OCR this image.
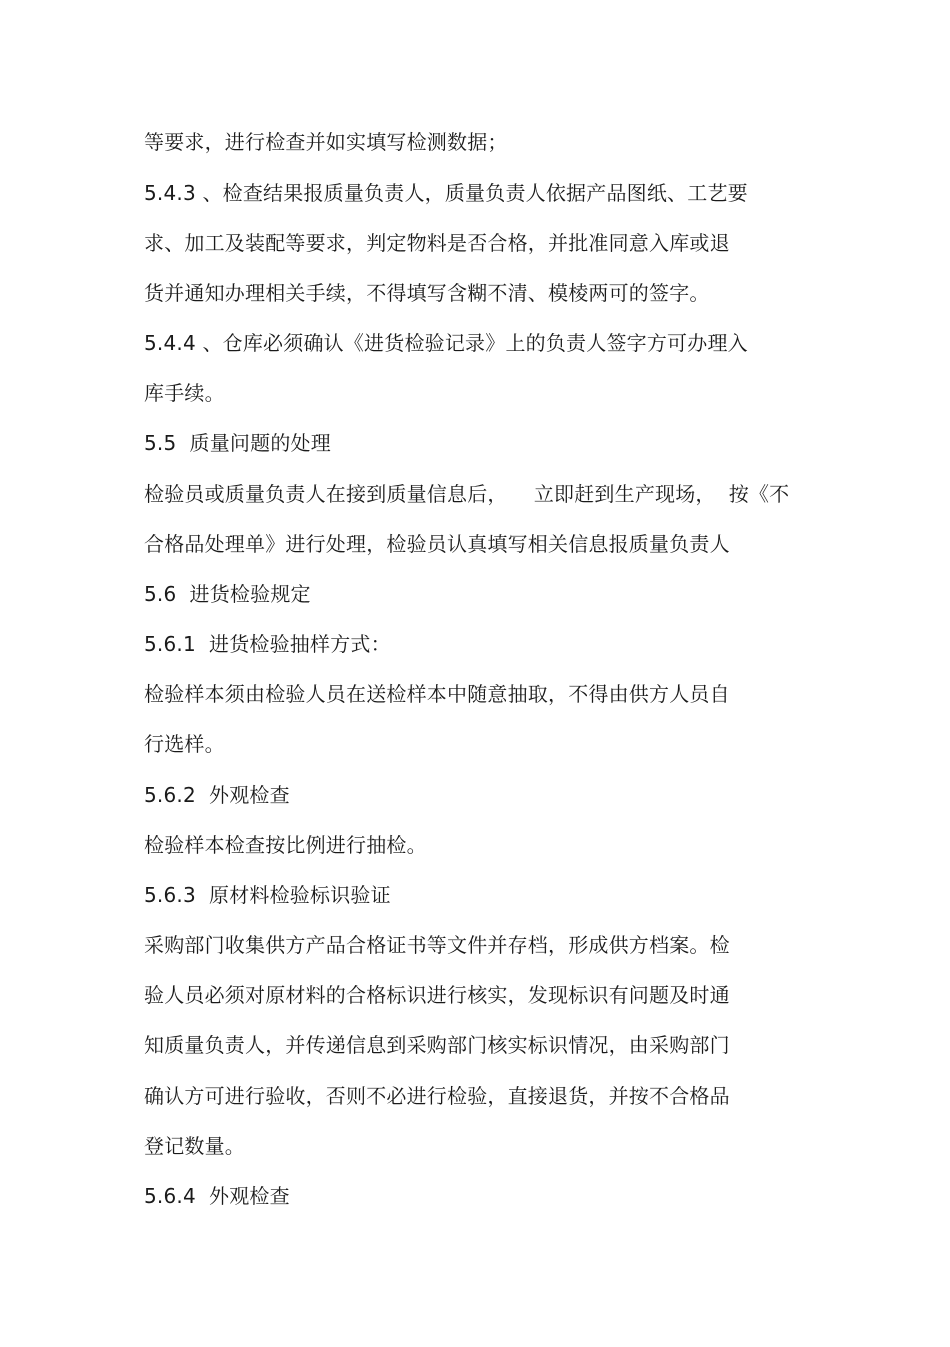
等要求，进行检查并如实填写检测数据；
5.4.3 、检查结果报质量负责人，质量负责人依据产品图纸、工艺要
求、加工及装配等要求，判定物料是否合格，并批准同意入库或退
货并通知办理相关手续，不得填写含糊不清、模棱两可的签字。
5.4.4 、仓库必须确认《进货检验记录》上的负责人签字方可办理入
库手续。
5.5  质量问题的处理
检验员或质量负责人在接到质量信息后，    立即赶到生产现场，  按《不
合格品处理单》进行处理，检验员认真填写相关信息报质量负责人
5.6  进货检验规定
5.6.1  进货检验抽样方式：
检验样本须由检验人员在送检样本中随意抽取，不得由供方人员自
行选样。
5.6.2  外观检查
检验样本检查按比例进行抽检。
5.6.3  原材料检验标识验证
采购部门收集供方产品合格证书等文件并存档，形成供方档案。检
验人员必须对原材料的合格标识进行核实，发现标识有问题及时通
知质量负责人，并传递信息到采购部门核实标识情况，由采购部门
确认方可进行验收，否则不必进行检验，直接退货，并按不合格品
登记数量。
5.6.4  外观检查
